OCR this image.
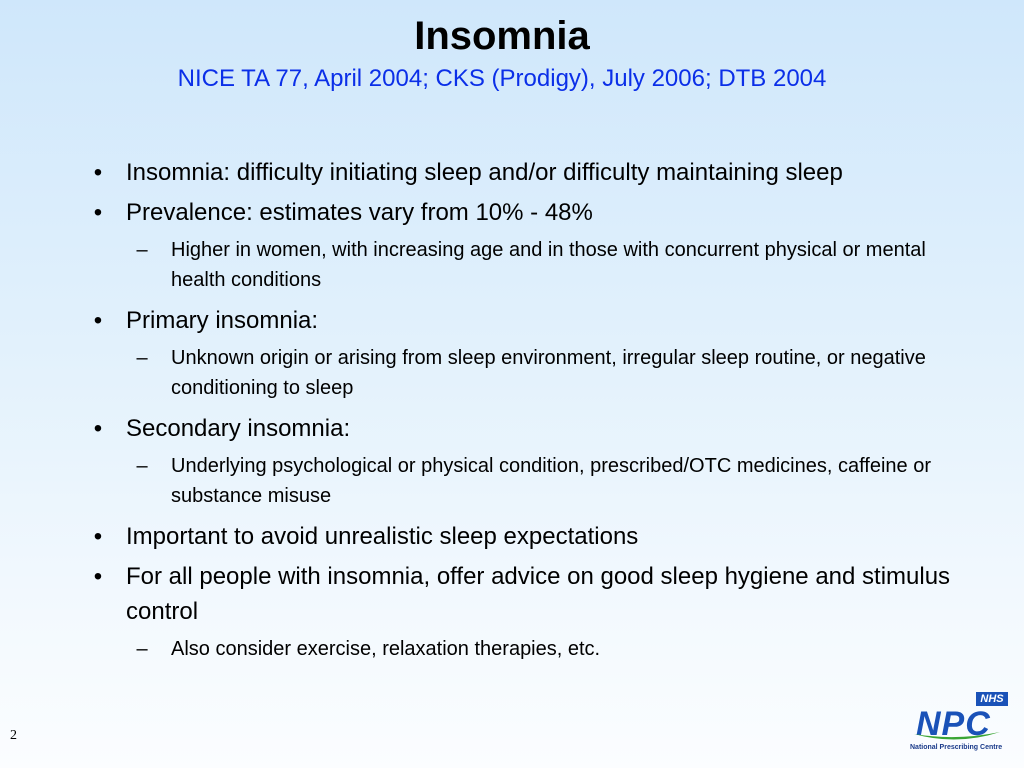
Insomnia
NICE TA 77, April 2004; CKS (Prodigy), July 2006; DTB 2004
• Insomnia: difficulty initiating sleep and/or difficulty maintaining sleep
• Prevalence: estimates vary from 10% - 48%
– Higher in women, with increasing age and in those with concurrent physical or mental health conditions
• Primary insomnia:
– Unknown origin or arising from sleep environment, irregular sleep routine, or negative conditioning to sleep
• Secondary insomnia:
– Underlying psychological or physical condition, prescribed/OTC medicines, caffeine or substance misuse
• Important to avoid unrealistic sleep expectations
• For all people with insomnia, offer advice on good sleep hygiene and stimulus control
– Also consider exercise, relaxation therapies, etc.
2
NHS
NPC
National Prescribing Centre
